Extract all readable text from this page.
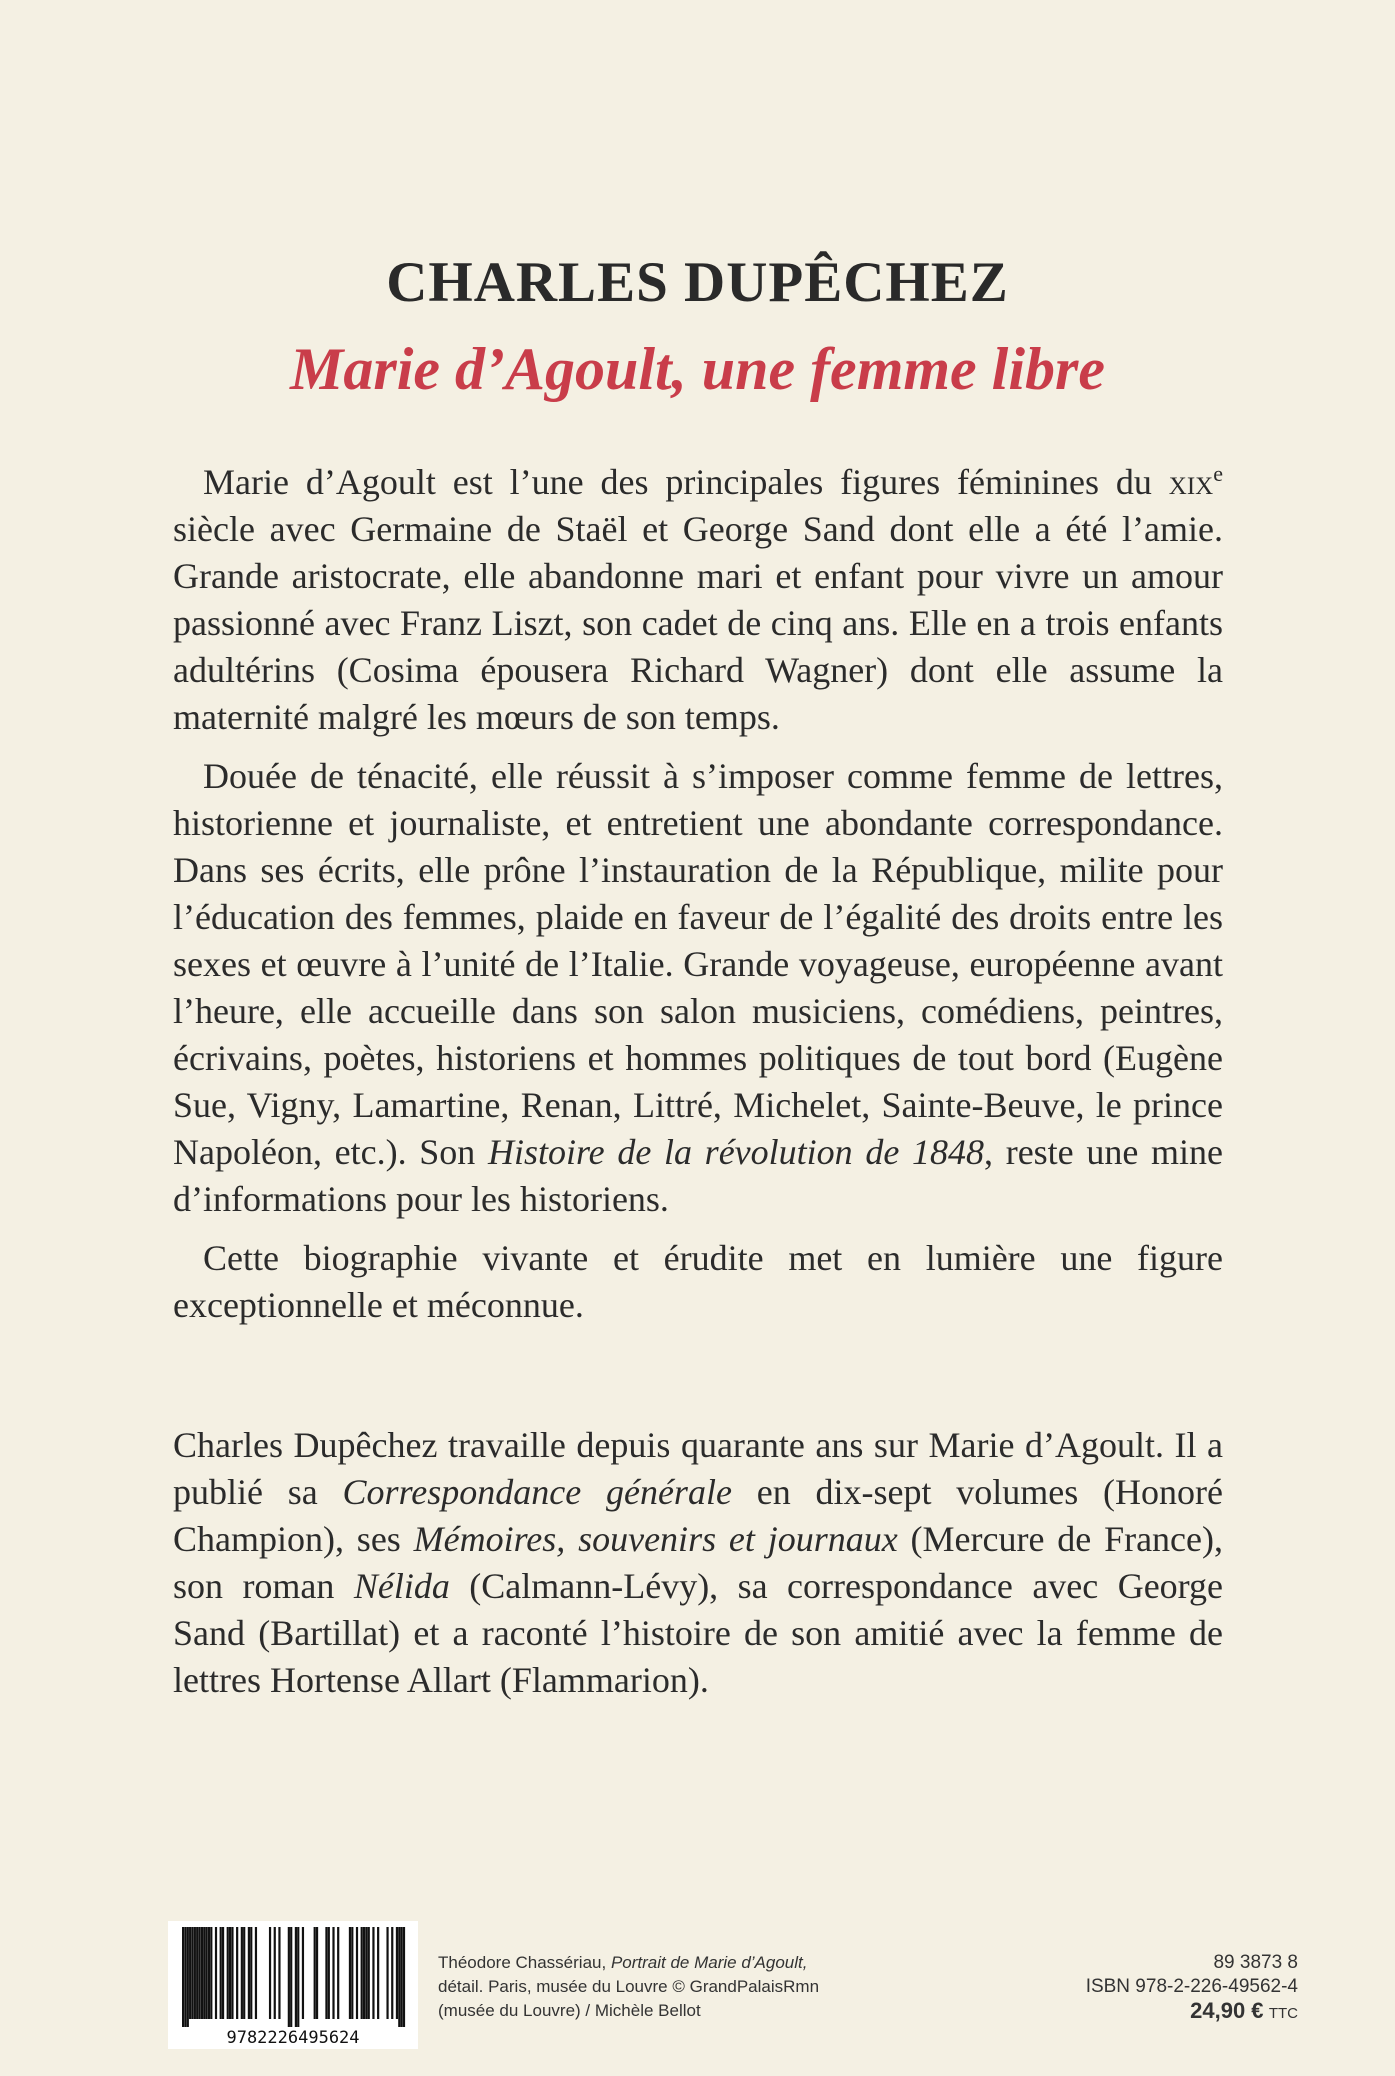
CHARLES DUPÊCHEZ
Marie d’Agoult, une femme libre

Marie d’Agoult est l’une des principales figures féminines du xix$^e$ siècle avec Germaine de Staël et George Sand dont elle a été l’amie. Grande aristocrate, elle abandonne mari et enfant pour vivre un amour passionné avec Franz Liszt, son cadet de cinq ans. Elle en a trois enfants adultérins (Cosima épousera Richard Wagner) dont elle assume la maternité malgré les mœurs de son temps.

Douée de ténacité, elle réussit à s’imposer comme femme de lettres, historienne et journaliste, et entretient une abondante correspondance. Dans ses écrits, elle prône l’instauration de la République, milite pour l’éducation des femmes, plaide en faveur de l’égalité des droits entre les sexes et œuvre à l’unité de l’Italie. Grande voyageuse, européenne avant l’heure, elle accueille dans son salon musiciens, comédiens, peintres, écrivains, poètes, historiens et hommes politiques de tout bord (Eugène Sue, Vigny, Lamartine, Renan, Littré, Michelet, Sainte-Beuve, le prince Napoléon, etc.). Son Histoire de la révolution de 1848, reste une mine d’informations pour les historiens.

Cette biographie vivante et érudite met en lumière une figure exceptionnelle et méconnue.

Charles Dupêchez travaille depuis quarante ans sur Marie d’Agoult. Il a publié sa Correspondance générale en dix-sept volumes (Honoré Champion), ses Mémoires, souvenirs et journaux (Mercure de France), son roman Nélida (Calmann-Lévy), sa correspondance avec George Sand (Bartillat) et a raconté l’histoire de son amitié avec la femme de lettres Hortense Allart (Flammarion).

9782226495624
Théodore Chassériau, Portrait de Marie d’Agoult,
détail. Paris, musée du Louvre © GrandPalaisRmn
(musée du Louvre) / Michèle Bellot
89 3873 8
ISBN 978-2-226-49562-4
24,90 € TTC
